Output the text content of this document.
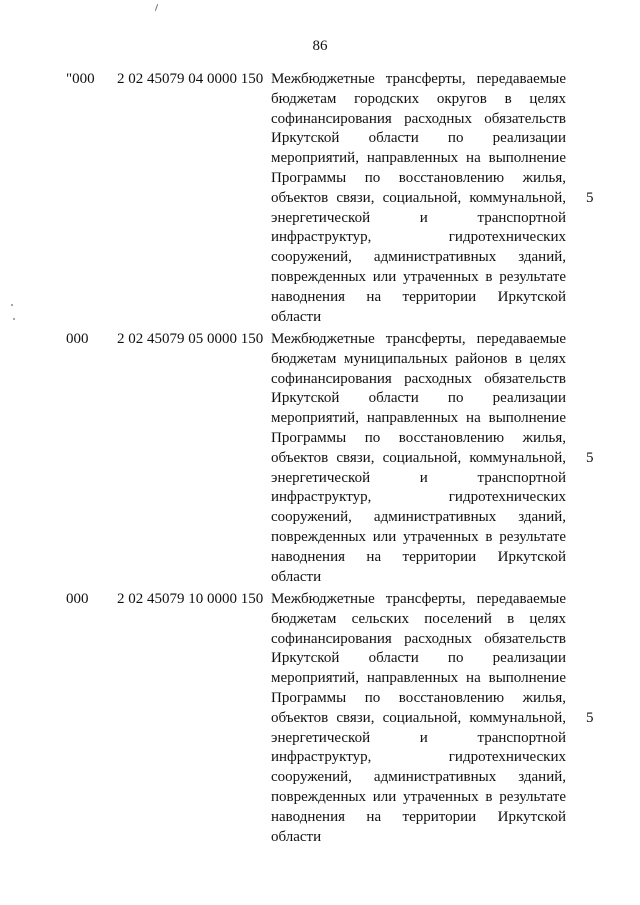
86
"000 2 02 45079 04 0000 150 Межбюджетные трансферты, передаваемые
бюджетам городских округов в целях
софинансирования расходных обязательств
Иркутской области по реализации
мероприятий, направленных на выполнение
Программы по восстановлению жилья,
объектов связи, социальной, коммунальной,
энергетической и транспортной
инфраструктур, гидротехнических
сооружений, административных зданий,
поврежденных или утраченных в результате
наводнения на территории Иркутской
области
5
000 2 02 45079 05 0000 150 Межбюджетные трансферты, передаваемые
бюджетам муниципальных районов в целях
софинансирования расходных обязательств
Иркутской области по реализации
мероприятий, направленных на выполнение
Программы по восстановлению жилья,
объектов связи, социальной, коммунальной,
энергетической и транспортной
инфраструктур, гидротехнических
сооружений, административных зданий,
поврежденных или утраченных в результате
наводнения на территории Иркутской
области
5
000 2 02 45079 10 0000 150 Межбюджетные трансферты, передаваемые
бюджетам сельских поселений в целях
софинансирования расходных обязательств
Иркутской области по реализации
мероприятий, направленных на выполнение
Программы по восстановлению жилья,
объектов связи, социальной, коммунальной,
энергетической и транспортной
инфраструктур, гидротехнических
сооружений, административных зданий,
поврежденных или утраченных в результате
наводнения на территории Иркутской
области
5
